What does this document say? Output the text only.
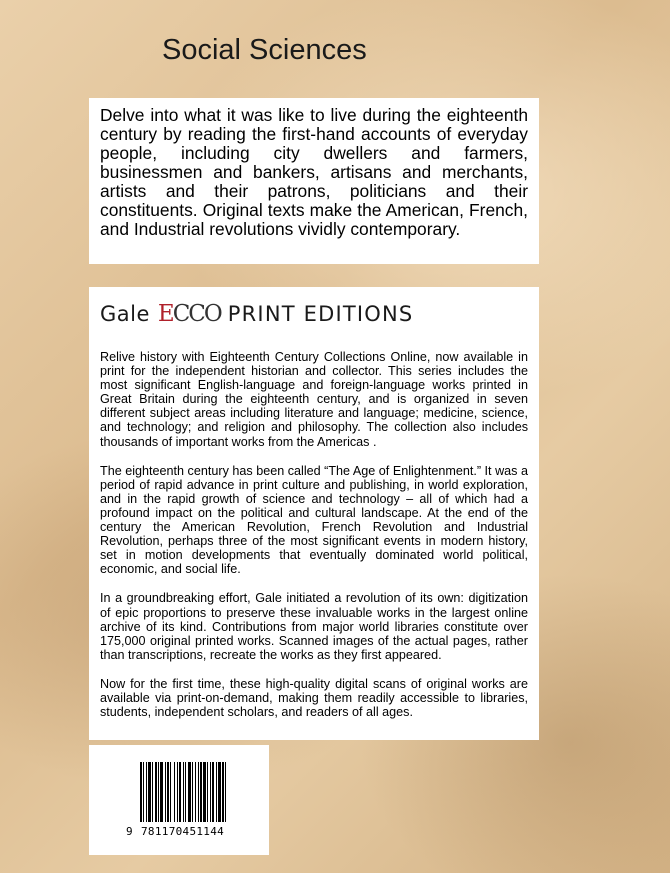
Social Sciences

Delve into what it was like to live during the eighteenth century by reading the first-hand accounts of everyday people, including city dwellers and farmers, businessmen and bankers, artisans and merchants, artists and their patrons, politicians and their constituents. Original texts make the American, French, and Industrial revolutions vividly contemporary.

Gale ECCO PRINT EDITIONS

Relive history with Eighteenth Century Collections Online, now available in print for the independent historian and collector. This series includes the most significant English-language and foreign-language works printed in Great Britain during the eighteenth century, and is organized in seven different subject areas including literature and language; medicine, science, and technology; and religion and philosophy. The collection also includes thousands of important works from the Americas .

The eighteenth century has been called “The Age of Enlightenment.” It was a period of rapid advance in print culture and publishing, in world exploration, and in the rapid growth of science and technology – all of which had a profound impact on the political and cultural landscape. At the end of the century the American Revolution, French Revolution and Industrial Revolution, perhaps three of the most significant events in modern history, set in motion developments that eventually dominated world political, economic, and social life.

In a groundbreaking effort, Gale initiated a revolution of its own: digitization of epic proportions to preserve these invaluable works in the largest online archive of its kind. Contributions from major world libraries constitute over 175,000 original printed works. Scanned images of the actual pages, rather than transcriptions, recreate the works as they first appeared.

Now for the first time, these high-quality digital scans of original works are available via print-on-demand, making them readily accessible to libraries, students, independent scholars, and readers of all ages.

9 781170451144
